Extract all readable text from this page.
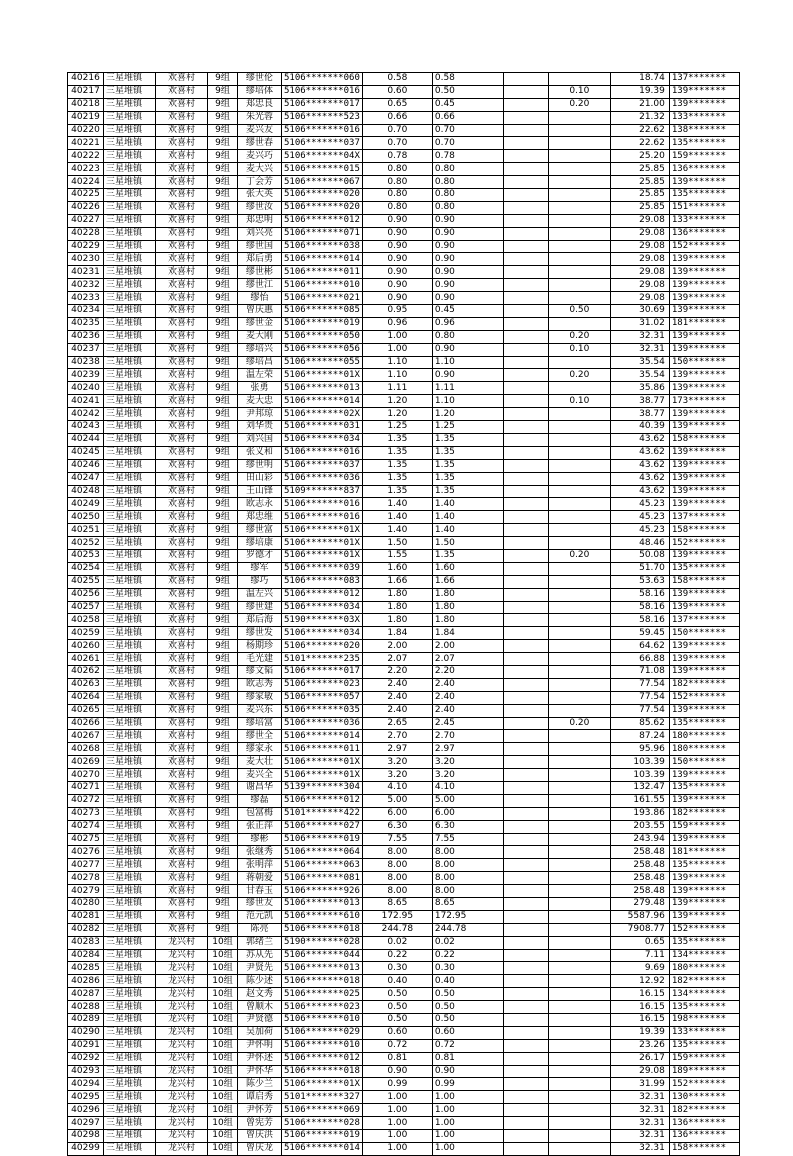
40216	三星堆镇	欢喜村	9组	缪世伦	5106*******060	0.58	0.58			18.74	137*******
40217	三星堆镇	欢喜村	9组	缪培体	5106*******016	0.60	0.50		0.10	19.39	139*******
40218	三星堆镇	欢喜村	9组	郑忠良	5106*******017	0.65	0.45		0.20	21.00	139*******
40219	三星堆镇	欢喜村	9组	朱光蓉	5106*******523	0.66	0.66			21.32	133*******
40220	三星堆镇	欢喜村	9组	麦兴友	5106*******016	0.70	0.70			22.62	138*******
40221	三星堆镇	欢喜村	9组	缪世春	5106*******037	0.70	0.70			22.62	135*******
40222	三星堆镇	欢喜村	9组	麦兴巧	5106*******04X	0.78	0.78			25.20	159*******
40223	三星堆镇	欢喜村	9组	麦大兴	5106*******015	0.80	0.80			25.85	136*******
40224	三星堆镇	欢喜村	9组	丁会芳	5106*******067	0.80	0.80			25.85	139*******
40225	三星堆镇	欢喜村	9组	张大英	5106*******020	0.80	0.80			25.85	135*******
40226	三星堆镇	欢喜村	9组	缪世汝	5106*******020	0.80	0.80			25.85	151*******
40227	三星堆镇	欢喜村	9组	郑忠明	5106*******012	0.90	0.90			29.08	133*******
40228	三星堆镇	欢喜村	9组	刘兴亮	5106*******071	0.90	0.90			29.08	136*******
40229	三星堆镇	欢喜村	9组	缪世国	5106*******038	0.90	0.90			29.08	152*******
40230	三星堆镇	欢喜村	9组	郑后勇	5106*******014	0.90	0.90			29.08	139*******
40231	三星堆镇	欢喜村	9组	缪世彬	5106*******011	0.90	0.90			29.08	139*******
40232	三星堆镇	欢喜村	9组	缪世江	5106*******010	0.90	0.90			29.08	139*******
40233	三星堆镇	欢喜村	9组	缪怡	5106*******021	0.90	0.90			29.08	139*******
40234	三星堆镇	欢喜村	9组	曾庆惠	5106*******085	0.95	0.45		0.50	30.69	139*******
40235	三星堆镇	欢喜村	9组	缪世金	5106*******019	0.96	0.96			31.02	181*******
40236	三星堆镇	欢喜村	9组	麦大刚	5106*******050	1.00	0.80		0.20	32.31	139*******
40237	三星堆镇	欢喜村	9组	缪培兴	5106*******056	1.00	0.90		0.10	32.31	139*******
40238	三星堆镇	欢喜村	9组	缪培昌	5106*******055	1.10	1.10			35.54	150*******
40239	三星堆镇	欢喜村	9组	温左荣	5106*******01X	1.10	0.90		0.20	35.54	139*******
40240	三星堆镇	欢喜村	9组	张勇	5106*******013	1.11	1.11			35.86	139*******
40241	三星堆镇	欢喜村	9组	麦大忠	5106*******014	1.20	1.10		0.10	38.77	173*******
40242	三星堆镇	欢喜村	9组	尹邦琼	5106*******02X	1.20	1.20			38.77	139*******
40243	三星堆镇	欢喜村	9组	刘华贵	5106*******031	1.25	1.25			40.39	139*******
40244	三星堆镇	欢喜村	9组	刘兴国	5106*******034	1.35	1.35			43.62	158*******
40245	三星堆镇	欢喜村	9组	张义和	5106*******016	1.35	1.35			43.62	139*******
40246	三星堆镇	欢喜村	9组	缪世明	5106*******037	1.35	1.35			43.62	139*******
40247	三星堆镇	欢喜村	9组	田山彩	5106*******036	1.35	1.35			43.62	139*******
40248	三星堆镇	欢喜村	9组	王山锋	5109*******837	1.35	1.35			43.62	139*******
40249	三星堆镇	欢喜村	9组	欧志永	5106*******016	1.40	1.40			45.23	139*******
40250	三星堆镇	欢喜村	9组	郑忠维	5106*******016	1.40	1.40			45.23	137*******
40251	三星堆镇	欢喜村	9组	缪世富	5106*******01X	1.40	1.40			45.23	158*******
40252	三星堆镇	欢喜村	9组	缪培康	5106*******01X	1.50	1.50			48.46	152*******
40253	三星堆镇	欢喜村	9组	罗德才	5106*******01X	1.55	1.35		0.20	50.08	139*******
40254	三星堆镇	欢喜村	9组	缪军	5106*******039	1.60	1.60			51.70	135*******
40255	三星堆镇	欢喜村	9组	缪巧	5106*******083	1.66	1.66			53.63	158*******
40256	三星堆镇	欢喜村	9组	温左兴	5106*******012	1.80	1.80			58.16	139*******
40257	三星堆镇	欢喜村	9组	缪世建	5106*******034	1.80	1.80			58.16	139*******
40258	三星堆镇	欢喜村	9组	郑后海	5190*******03X	1.80	1.80			58.16	137*******
40259	三星堆镇	欢喜村	9组	缪世发	5106*******034	1.84	1.84			59.45	150*******
40260	三星堆镇	欢喜村	9组	杨期珍	5106*******020	2.00	2.00			64.62	139*******
40261	三星堆镇	欢喜村	9组	毛光建	5101*******235	2.07	2.07			66.88	139*******
40262	三星堆镇	欢喜村	9组	缪文韬	5106*******017	2.20	2.20			71.08	139*******
40263	三星堆镇	欢喜村	9组	欧志秀	5106*******023	2.40	2.40			77.54	182*******
40264	三星堆镇	欢喜村	9组	缪家敏	5106*******057	2.40	2.40			77.54	152*******
40265	三星堆镇	欢喜村	9组	麦兴东	5106*******035	2.40	2.40			77.54	139*******
40266	三星堆镇	欢喜村	9组	缪培富	5106*******036	2.65	2.45		0.20	85.62	135*******
40267	三星堆镇	欢喜村	9组	缪世全	5106*******014	2.70	2.70			87.24	180*******
40268	三星堆镇	欢喜村	9组	缪家永	5106*******011	2.97	2.97			95.96	180*******
40269	三星堆镇	欢喜村	9组	麦大壮	5106*******01X	3.20	3.20			103.39	150*******
40270	三星堆镇	欢喜村	9组	麦兴全	5106*******01X	3.20	3.20			103.39	139*******
40271	三星堆镇	欢喜村	9组	谢昌华	5139*******304	4.10	4.10			132.47	135*******
40272	三星堆镇	欢喜村	9组	缪磊	5106*******012	5.00	5.00			161.55	139*******
40273	三星堆镇	欢喜村	9组	包富梅	5101*******422	6.00	6.00			193.86	182*******
40274	三星堆镇	欢喜村	9组	张正萍	5106*******027	6.30	6.30			203.55	159*******
40275	三星堆镇	欢喜村	9组	缪彬	5106*******019	7.55	7.55			243.94	139*******
40276	三星堆镇	欢喜村	9组	张继秀	5106*******064	8.00	8.00			258.48	181*******
40277	三星堆镇	欢喜村	9组	张明萍	5106*******063	8.00	8.00			258.48	135*******
40278	三星堆镇	欢喜村	9组	蒋朝爱	5106*******081	8.00	8.00			258.48	139*******
40279	三星堆镇	欢喜村	9组	甘春玉	5106*******926	8.00	8.00			258.48	139*******
40280	三星堆镇	欢喜村	9组	缪世友	5106*******013	8.65	8.65			279.48	139*******
40281	三星堆镇	欢喜村	9组	范元凯	5106*******610	172.95	172.95			5587.96	139*******
40282	三星堆镇	欢喜村	9组	陈亮	5106*******018	244.78	244.78			7908.77	152*******
40283	三星堆镇	龙兴村	10组	郭绪兰	5190*******028	0.02	0.02			0.65	135*******
40284	三星堆镇	龙兴村	10组	苏从先	5106*******044	0.22	0.22			7.11	134*******
40285	三星堆镇	龙兴村	10组	尹贤先	5106*******013	0.30	0.30			9.69	180*******
40286	三星堆镇	龙兴村	10组	陈少述	5106*******018	0.40	0.40			12.92	182*******
40287	三星堆镇	龙兴村	10组	赵文秀	5106*******025	0.50	0.50			16.15	134*******
40288	三星堆镇	龙兴村	10组	曾顺木	5106*******023	0.50	0.50			16.15	135*******
40289	三星堆镇	龙兴村	10组	尹贤德	5106*******010	0.50	0.50			16.15	198*******
40290	三星堆镇	龙兴村	10组	吴加荷	5106*******029	0.60	0.60			19.39	133*******
40291	三星堆镇	龙兴村	10组	尹怀明	5106*******010	0.72	0.72			23.26	135*******
40292	三星堆镇	龙兴村	10组	尹怀述	5106*******012	0.81	0.81			26.17	159*******
40293	三星堆镇	龙兴村	10组	尹怀华	5106*******018	0.90	0.90			29.08	189*******
40294	三星堆镇	龙兴村	10组	陈少兰	5106*******01X	0.99	0.99			31.99	152*******
40295	三星堆镇	龙兴村	10组	谭启秀	5101*******327	1.00	1.00			32.31	130*******
40296	三星堆镇	龙兴村	10组	尹怀芳	5106*******069	1.00	1.00			32.31	182*******
40297	三星堆镇	龙兴村	10组	曾宪芳	5106*******028	1.00	1.00			32.31	136*******
40298	三星堆镇	龙兴村	10组	曾庆洪	5106*******019	1.00	1.00			32.31	136*******
40299	三星堆镇	龙兴村	10组	曾庆龙	5106*******014	1.00	1.00			32.31	158*******
